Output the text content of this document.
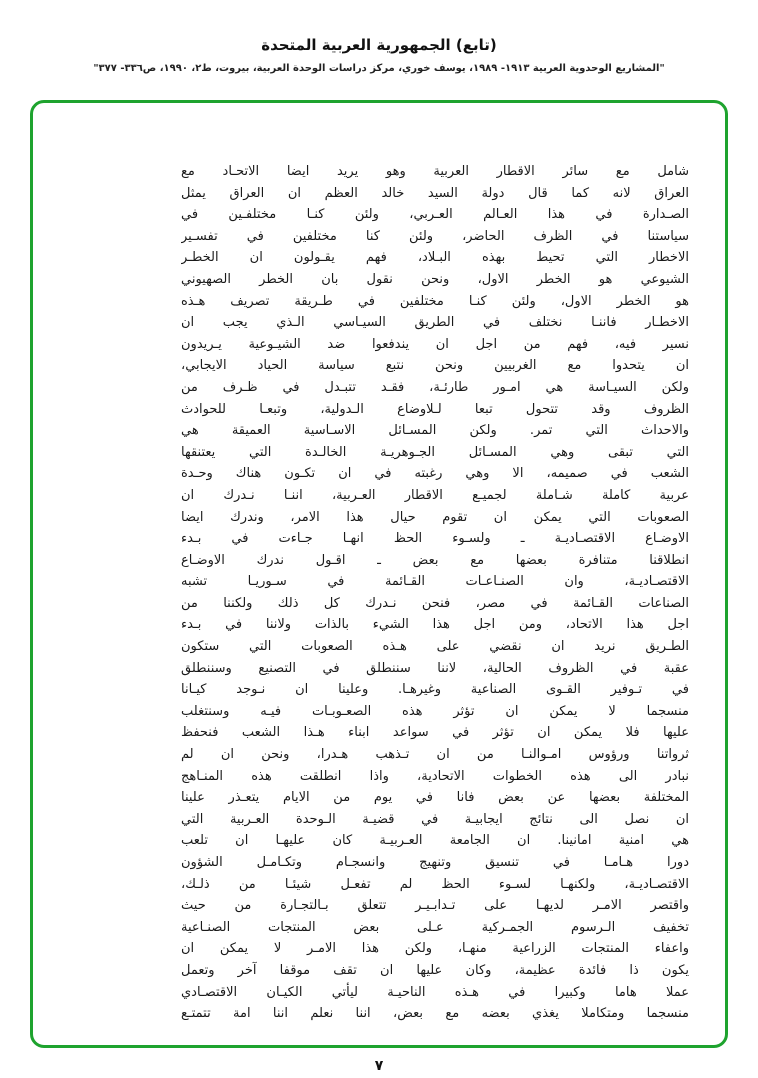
(تابع) الجمهورية العربية المتحدة
"المشاريع الوحدوية العربية ١٩١٣- ١٩٨٩، يوسف خوري، مركز دراسات الوحدة العربية، بيروت، ط٢، ١٩٩٠، ص٣٣٦- ٣٧٧"
شامل مع سائر الاقطار العربية وهو يريد ايضا الاتحـاد مع
العراق لانه كما قال دولة السيد خالد العظم ان العراق يمثل
الصـدارة في هذا العـالم العـربي، ولئن كنـا مختلفـين في
سياستنا في الظرف الحاضر، ولئن كنا مختلفين في تفسـير
الاخطار التي تحيط بهذه البـلاد، فهم يقـولون ان الخطـر
الشيوعي هو الخطر الاول، ونحن نقول بان الخطر الصهيوني
هو الخطر الاول، ولئن كنـا مختلفين في طـريقة تصريف هـذه
الاخطـار فاننـا نختلف في الطريق السيـاسي الـذي يجب ان
نسير فيه، فهم من اجل ان يندفعوا ضد الشيـوعية يـريدون
ان يتحدوا مع الغربيين ونحن نتبع سياسة الحياد الايجابي،
ولكن السيـاسة هي امـور طارئـة، فقـد تتبـدل في ظـرف من
الظروف وقد تتحول تبعا لـلاوضاع الـدولية، وتبعـا للحوادث
والاحداث التي تمر. ولكن المسـائل الاسـاسية العميقة هي
التي تبقى وهي المسـائل الجـوهريـة الخالـدة التي يعتنقها
الشعب في صميمه، الا وهي رغبته في ان تكـون هناك وحـدة
عربية كاملة شـاملة لجميـع الاقطار العـربية، اننـا نـدرك ان
الصعوبات التي يمكن ان تقوم حيال هذا الامر، وندرك ايضا
الاوضـاع الاقتصـاديـة ـ ولسـوء الحظ انهـا جـاءت في بـدء
انطلاقنا متنافرة بعضها مع بعض ـ اقـول ندرك الاوضـاع
الاقتصـاديـة، وان الصنـاعـات القـائمة في سـوريـا تشبه
الصناعات القـائمة في مصر، فنحن نـدرك كل ذلك ولكننا من
اجل هذا الاتحاد، ومن اجل هذا الشيء بالذات ولاننا في بـدء
الطـريق نريد ان نقضي على هـذه الصعوبات التي ستكون
عقبة في الظروف الحالية، لاننا سننطلق في التصنيع وسننطلق
في تـوفير القـوى الصناعية وغيرهـا. وعلينا ان نـوجد كيـانا
منسجما لا يمكن ان تؤثر هذه الصعـوبـات فيـه وسنتغلب
عليها فلا يمكن ان تؤثر في سواعد ابناء هـذا الشعب فنحفظ
ثرواتنا ورؤوس امـوالنـا من ان تـذهب هـدرا، ونحن ان لم
نبادر الى هذه الخطوات الاتحادية، واذا انطلقت هذه المنـاهج
المختلفة بعضها عن بعض فانا في يوم من الايام يتعـذر علينا
ان نصل الى نتائج ايجابيـة في قضيـة الـوحدة العـربية التي
هي امنية امانينا. ان الجامعة العـربيـة كان عليهـا ان تلعب
دورا هـامـا في تنسيق وتنهيج وانسجـام وتكـامـل الشؤون
الاقتصـاديـة، ولكنهـا لسـوء الحظ لم تفعـل شيئـا من ذلـك،
واقتصر الامـر لديهـا على تـدابـيـر تتعلق بـالتجـارة من حيث
تخفيف الـرسوم الجمـركية عـلى بعض المنتجات الصنـاعية
واعفاء المنتجات الزراعية منهـا، ولكن هذا الامـر لا يمكن ان
يكون ذا فائدة عظيمة، وكان عليها ان تقف موقفا آخر وتعمل
عملا هاما وكبيرا في هـذه الناحيـة ليأتي الكيـان الاقتصـادي
منسجما ومتكاملا يغذي بعضه مع بعض، اننا نعلم اننا امة تتمتـع
٧
